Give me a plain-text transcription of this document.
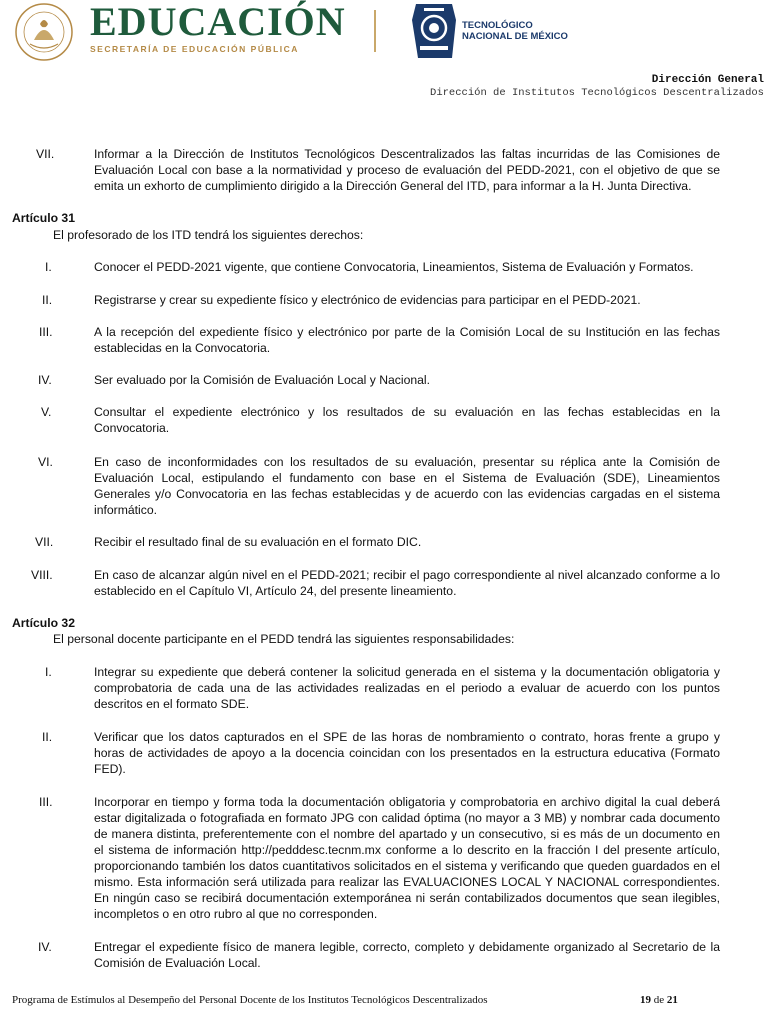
EDUCACIÓN
SECRETARÍA DE EDUCACIÓN PÚBLICA
TECNOLÓGICO
NACIONAL DE MÉXICO
Dirección General
Dirección de Institutos Tecnológicos Descentralizados
VII.	Informar a la Dirección de Institutos Tecnológicos Descentralizados las faltas incurridas de las Comisiones de Evaluación Local con base a la normatividad y proceso de evaluación del PEDD-2021, con el objetivo de que se emita un exhorto de cumplimiento dirigido a la Dirección General del ITD, para informar a la H. Junta Directiva.
Artículo 31
El profesorado de los ITD tendrá los siguientes derechos:
I.	Conocer el PEDD-2021 vigente, que contiene Convocatoria, Lineamientos, Sistema de Evaluación y Formatos.
II.	Registrarse y crear su expediente físico y electrónico de evidencias para participar en el PEDD-2021.
III.	A la recepción del expediente físico y electrónico por parte de la Comisión Local de su Institución en las fechas establecidas en la Convocatoria.
IV.	Ser evaluado por la Comisión de Evaluación Local y Nacional.
V.	Consultar el expediente electrónico y los resultados de su evaluación en las fechas establecidas en la Convocatoria.
VI.	En caso de inconformidades con los resultados de su evaluación, presentar su réplica ante la Comisión de Evaluación Local, estipulando el fundamento con base en el Sistema de Evaluación (SDE), Lineamientos Generales y/o Convocatoria en las fechas establecidas y de acuerdo con las evidencias cargadas en el sistema informático.
VII.	Recibir el resultado final de su evaluación en el formato DIC.
VIII.	En caso de alcanzar algún nivel en el PEDD-2021; recibir el pago correspondiente al nivel alcanzado conforme a lo establecido en el Capítulo VI, Artículo 24, del presente lineamiento.
Artículo 32
El personal docente participante en el PEDD tendrá las siguientes responsabilidades:
I.	Integrar su expediente que deberá contener la solicitud generada en el sistema y la documentación obligatoria y comprobatoria de cada una de las actividades realizadas en el periodo a evaluar de acuerdo con los puntos descritos en el formato SDE.
II.	Verificar que los datos capturados en el SPE de las horas de nombramiento o contrato, horas frente a grupo y horas de actividades de apoyo a la docencia coincidan con los presentados en la estructura educativa (Formato FED).
III.	Incorporar en tiempo y forma toda la documentación obligatoria y comprobatoria en archivo digital la cual deberá estar digitalizada o fotografiada en formato JPG con calidad óptima (no mayor a 3 MB) y nombrar cada documento de manera distinta, preferentemente con el nombre del apartado y un consecutivo, si es más de un documento en el sistema de información http://pedddesc.tecnm.mx conforme a lo descrito en la fracción I del presente artículo, proporcionando también los datos cuantitativos solicitados en el sistema y verificando que queden guardados en el mismo. Esta información será utilizada para realizar las EVALUACIONES LOCAL Y NACIONAL correspondientes. En ningún caso se recibirá documentación extemporánea ni serán contabilizados documentos que sean ilegibles, incompletos o en otro rubro al que no corresponden.
IV.	Entregar el expediente físico de manera legible, correcto, completo y debidamente organizado al Secretario de la Comisión de Evaluación Local.
Programa de Estímulos al Desempeño del Personal Docente de los Institutos Tecnológicos Descentralizados	19 de 21
